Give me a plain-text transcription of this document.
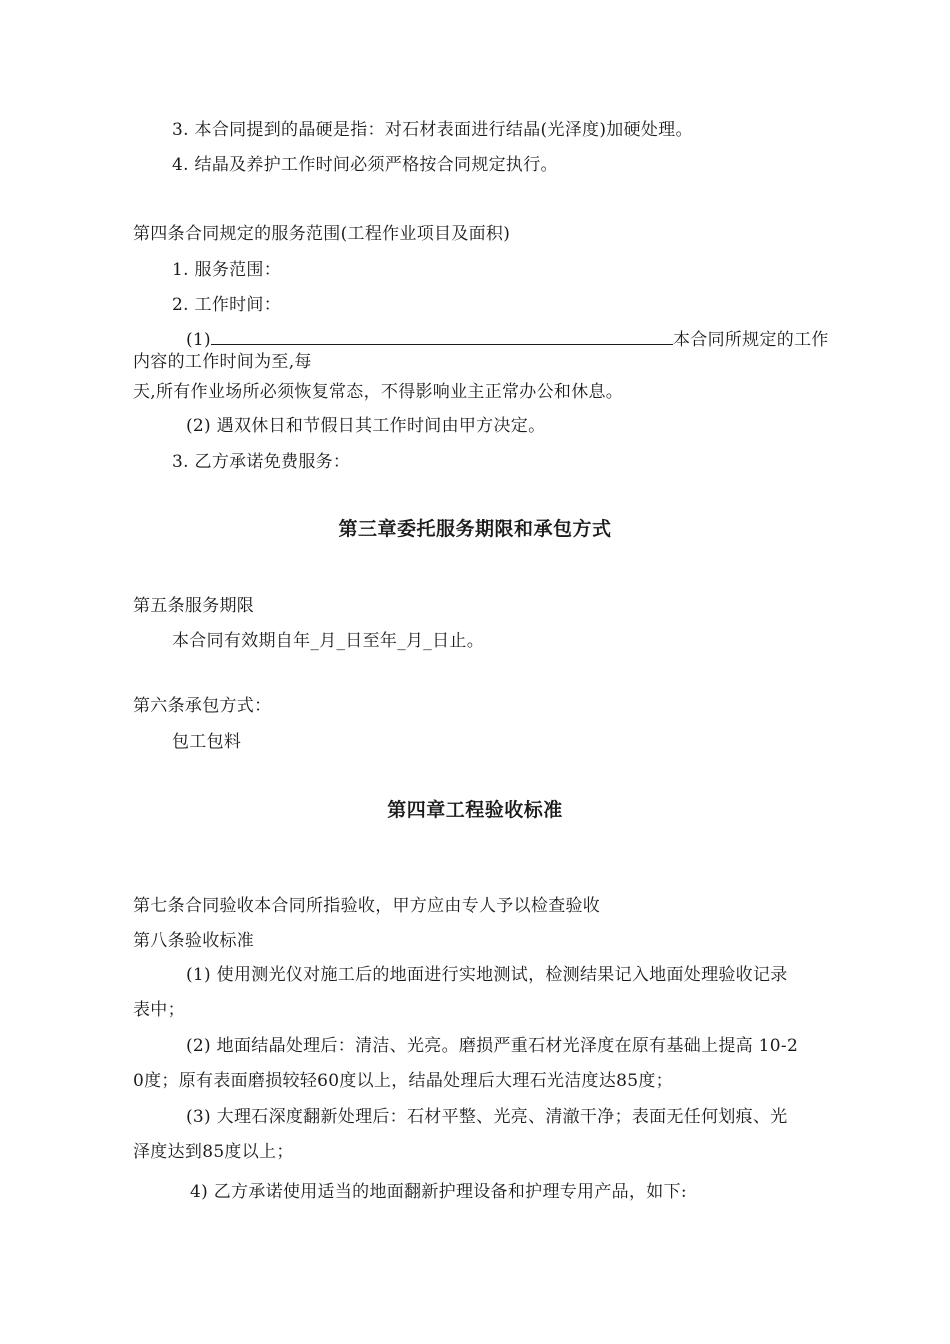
3. 本合同提到的晶硬是指：对石材表面进行结晶(光泽度)加硬处理。
4. 结晶及养护工作时间必须严格按合同规定执行。
第四条合同规定的服务范围(工程作业项目及面积)
1. 服务范围：
2. 工作时间：
(1)	本合同所规定的工作
内容的工作时间为至,每
天,所有作业场所必须恢复常态，不得影响业主正常办公和休息。
(2) 遇双休日和节假日其工作时间由甲方决定。
3. 乙方承诺免费服务：
第三章委托服务期限和承包方式
第五条服务期限
本合同有效期自年_月_日至年_月_日止。
第六条承包方式：
包工包料
第四章工程验收标准
第七条合同验收本合同所指验收，甲方应由专人予以检查验收
第八条验收标准
(1) 使用测光仪对施工后的地面进行实地测试，检测结果记入地面处理验收记录
表中；
(2) 地面结晶处理后：清洁、光亮。磨损严重石材光泽度在原有基础上提高 10-2
0度；原有表面磨损较轻60度以上，结晶处理后大理石光洁度达85度；
(3) 大理石深度翻新处理后：石材平整、光亮、清澈干净；表面无任何划痕、光
泽度达到85度以上；
4) 乙方承诺使用适当的地面翻新护理设备和护理专用产品，如下:
